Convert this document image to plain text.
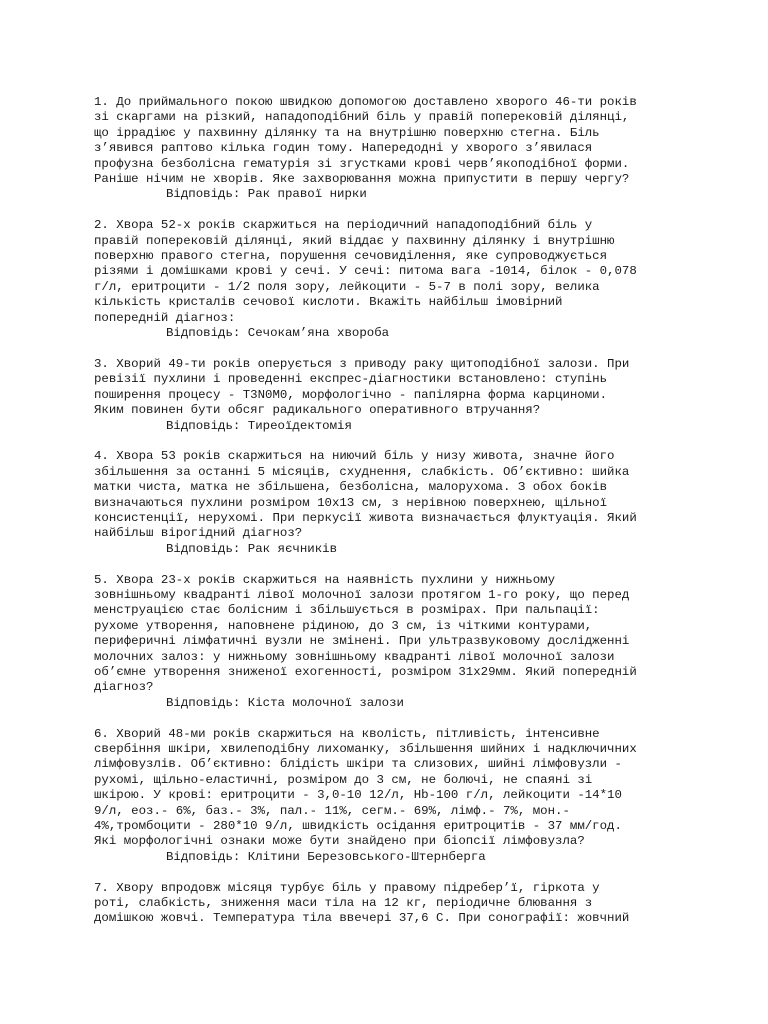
1. До приймального покою швидкою допомогою доставлено хворого 46-ти років
зі скаргами на різкий, нападоподібний біль у правій поперековій ділянці,
що іррадіює у пахвинну ділянку та на внутрішню поверхню стегна. Біль
з’явився раптово кілька годин тому. Напередодні у хворого з’явилася
профузна безболісна гематурія зі згустками крові черв’якоподібної форми.
Раніше нічим не хворів. Яке захворювання можна припустити в першу чергу?
Відповідь: Рак правої нирки
2. Хвора 52-х років скаржиться на періодичний нападоподібний біль у
правій поперековій ділянці, який віддає у пахвинну ділянку і внутрішню
поверхню правого стегна, порушення сечовиділення, яке супроводжується
різями і домішками крові у сечі. У сечі: питома вага -1014, білок - 0,078
г/л, еритроцити - 1/2 поля зору, лейкоцити - 5-7 в полі зору, велика
кількість кристалів сечової кислоти. Вкажіть найбільш імовірний
попередній діагноз:
Відповідь: Сечокам’яна хвороба
3. Хворий 49-ти років оперується з приводу раку щитоподібної залози. При
ревізії пухлини і проведенні експрес-діагностики встановлено: ступінь
поширення процесу - T3N0M0, морфологічно - папілярна форма карциноми.
Яким повинен бути обсяг радикального оперативного втручання?
Відповідь: Тиреоїдектомія
4. Хвора 53 років скаржиться на ниючий біль у низу живота, значне його
збільшення за останні 5 місяців, схуднення, слабкість. Об’єктивно: шийка
матки чиста, матка не збільшена, безболісна, малорухома. З обох боків
визначаються пухлини розміром 10х13 см, з нерівною поверхнею, щільної
консистенції, нерухомі. При перкусії живота визначається флуктуація. Який
найбільш вірогідний діагноз?
Відповідь: Рак яєчників
5. Хвора 23-х років скаржиться на наявність пухлини у нижньому
зовнішньому квадранті лівої молочної залози протягом 1-го року, що перед
менструацією стає болісним і збільшується в розмірах. При пальпації:
рухоме утворення, наповнене рідиною, до 3 см, із чіткими контурами,
периферичні лімфатичні вузли не змінені. При ультразвуковому дослідженні
молочних залоз: у нижньому зовнішньому квадранті лівої молочної залози
об’ємне утворення зниженої ехогенності, розміром 31х29мм. Який попередній
діагноз?
Відповідь: Кіста молочної залози
6. Хворий 48-ми років скаржиться на кволість, пітливість, інтенсивне
свербіння шкіри, хвилеподібну лихоманку, збільшення шийних і надключичних
лімфовузлів. Об’єктивно: блідість шкіри та слизових, шийні лімфовузли -
рухомі, щільно-еластичні, розміром до 3 см, не болючі, не спаяні зі
шкірою. У крові: еритроцити - 3,0-10 12/л, Hb-100 г/л, лейкоцити -14*10
9/л, еоз.- 6%, баз.- 3%, пал.- 11%, сегм.- 69%, лімф.- 7%, мон.-
4%,тромбоцити - 280*10 9/л, швидкість осідання еритроцитів - 37 мм/год.
Які морфологічні ознаки може бути знайдено при біопсії лімфовузла?
Відповідь: Клітини Березовського-Штернберга
7. Хвору впродовж місяця турбує біль у правому підребер’ї, гіркота у
роті, слабкість, зниження маси тіла на 12 кг, періодичне блювання з
домішкою жовчі. Температура тіла ввечері 37,6 С. При сонографії: жовчний
